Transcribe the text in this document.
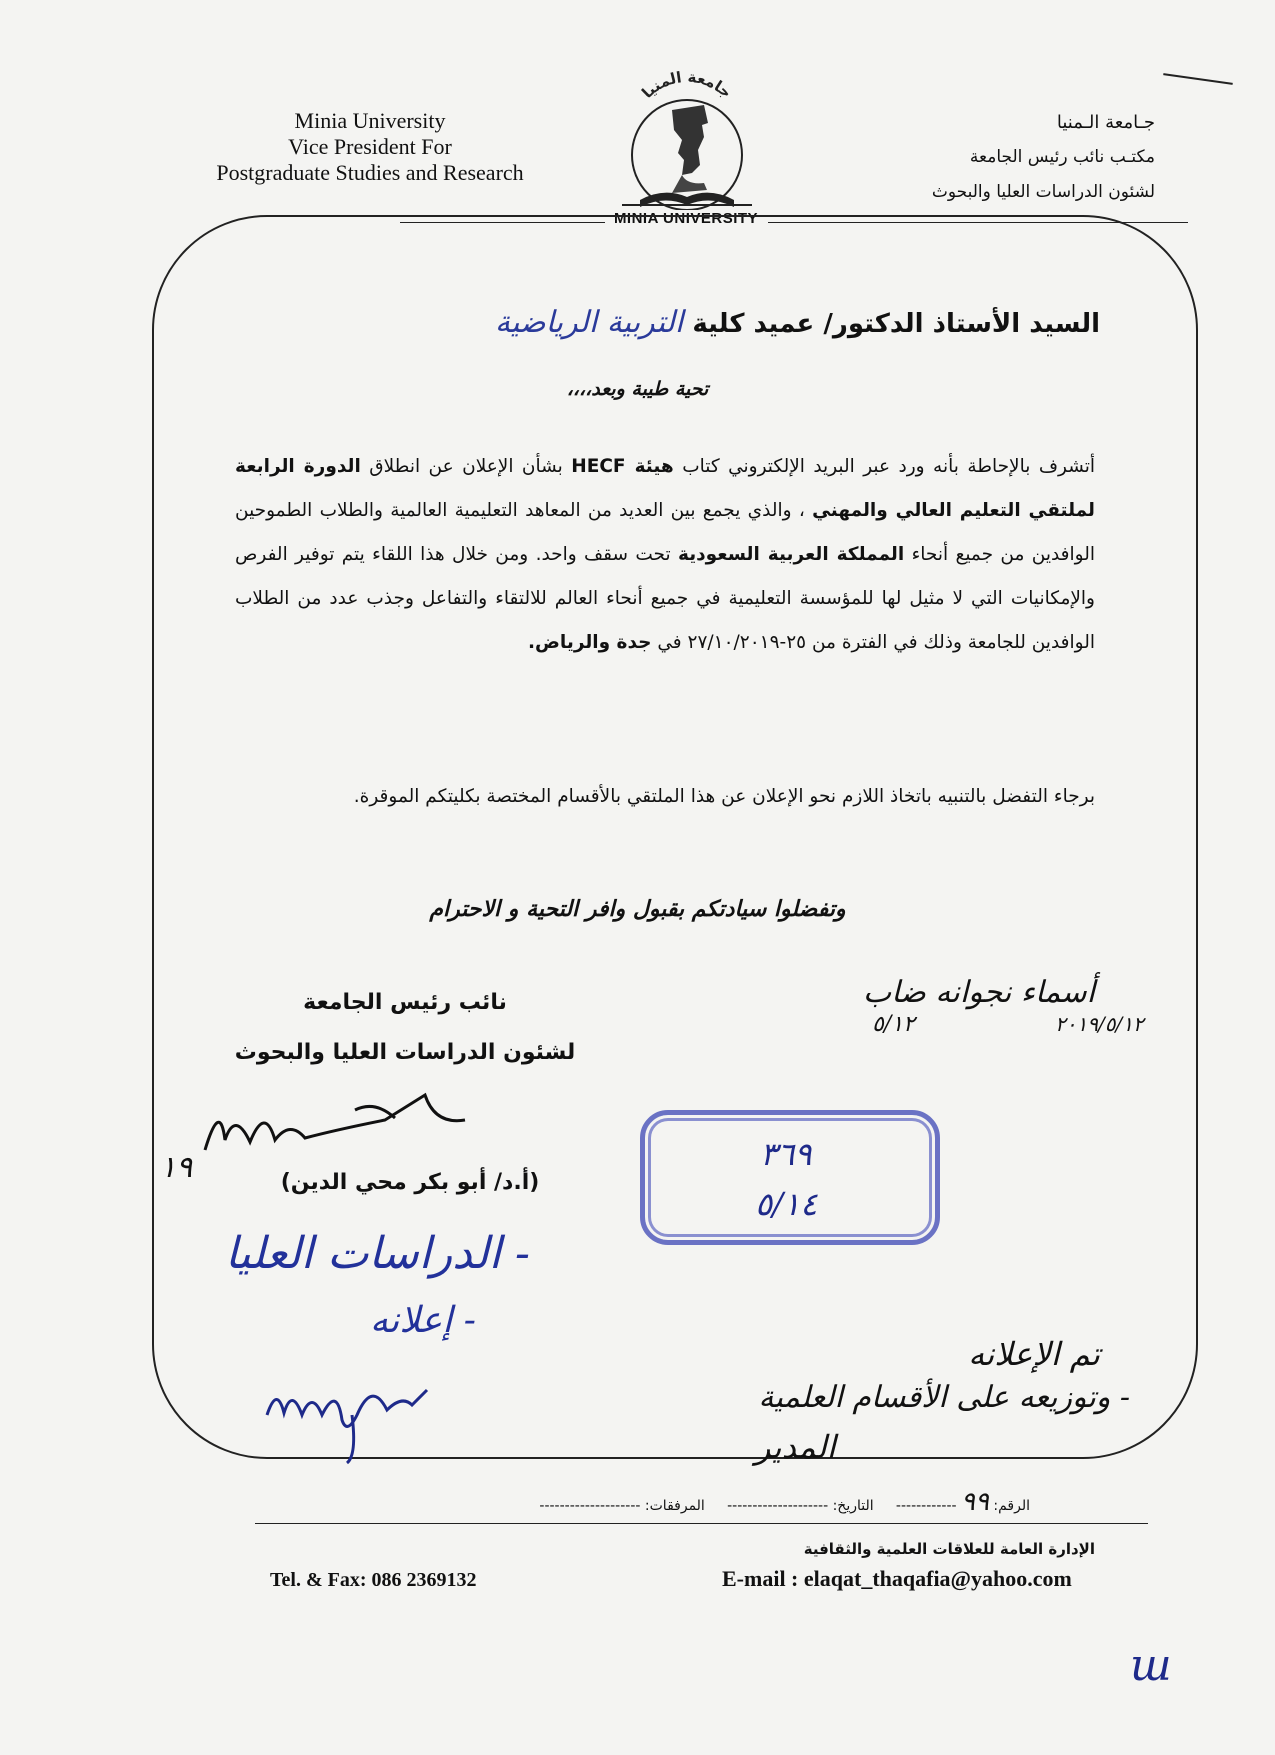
Minia University
Vice President For
Postgraduate Studies and Research
جـامعة الـمنيا
مكتـب نائب رئيس الجامعة
لشئون الدراسات العليا والبحوث
جامعة المنيا
MINIA UNIVERSITY
السيد الأستاذ الدكتور/ عميد كلية التربية الرياضية
تحية طيبة وبعد،،،،
أتشرف بالإحاطة بأنه ورد عبر البريد الإلكتروني كتاب هيئة HECF بشأن الإعلان عن انطلاق الدورة الرابعة لملتقي التعليم العالي والمهني ، والذي يجمع بين العديد من المعاهد التعليمية العالمية والطلاب الطموحين الوافدين من جميع أنحاء المملكة العربية السعودية تحت سقف واحد. ومن خلال هذا اللقاء يتم توفير الفرص والإمكانيات التي لا مثيل لها للمؤسسة التعليمية في جميع أنحاء العالم للالتقاء والتفاعل وجذب عدد من الطلاب الوافدين للجامعة وذلك في الفترة من ٢٥-٢٧/١٠/٢٠١٩ في جدة والرياض.
برجاء التفضل بالتنبيه باتخاذ اللازم نحو الإعلان عن هذا الملتقي بالأقسام المختصة بكليتكم الموقرة.
وتفضلوا سيادتكم بقبول وافر التحية و الاحترام
نائب رئيس الجامعة
لشئون الدراسات العليا والبحوث
١٩	(أ.د/ أبو بكر محي الدين)
أسماء نجوانه ضاب
٢٠١٩/٥/١٢
٥/١٢
٣٦٩
٥/١٤
- الدراسات العليا
- إعلانه
تم الإعلانه
- وتوزيعه على الأقسام العلمية
المدير
الرقم: ٩٩ ------------     التاريخ: --------------------     المرفقات: --------------------
الإدارة العامة للعلاقات العلمية والثقافية
Tel. & Fax: 086 2369132	E-mail : elaqat_thaqafia@yahoo.com
ш
